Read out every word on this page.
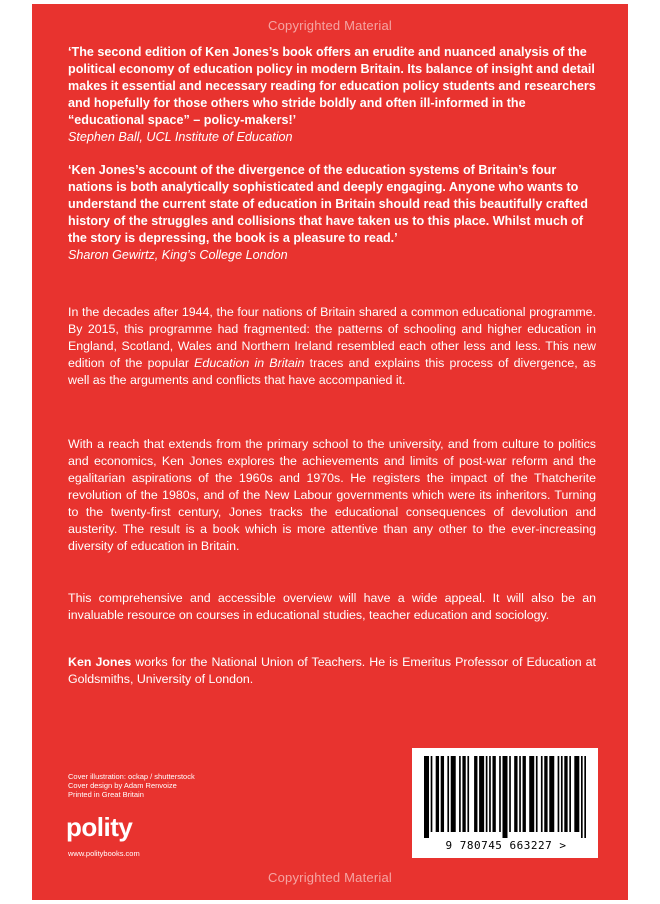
Copyrighted Material
‘The second edition of Ken Jones’s book offers an erudite and nuanced analysis of the political economy of education policy in modern Britain. Its balance of insight and detail makes it essential and necessary reading for education policy students and researchers and hopefully for those others who stride boldly and often ill-informed in the “educational space” – policy-makers!’
Stephen Ball, UCL Institute of Education
‘Ken Jones’s account of the divergence of the education systems of Britain’s four nations is both analytically sophisticated and deeply engaging. Anyone who wants to understand the current state of education in Britain should read this beautifully crafted history of the struggles and collisions that have taken us to this place. Whilst much of the story is depressing, the book is a pleasure to read.’
Sharon Gewirtz, King’s College London
In the decades after 1944, the four nations of Britain shared a common educational programme. By 2015, this programme had fragmented: the patterns of schooling and higher education in England, Scotland, Wales and Northern Ireland resembled each other less and less. This new edition of the popular Education in Britain traces and explains this process of divergence, as well as the arguments and conflicts that have accompanied it.
With a reach that extends from the primary school to the university, and from culture to politics and economics, Ken Jones explores the achievements and limits of post-war reform and the egalitarian aspirations of the 1960s and 1970s. He registers the impact of the Thatcherite revolution of the 1980s, and of the New Labour governments which were its inheritors. Turning to the twenty-first century, Jones tracks the educational consequences of devolution and austerity. The result is a book which is more attentive than any other to the ever-increasing diversity of education in Britain.
This comprehensive and accessible overview will have a wide appeal. It will also be an invaluable resource on courses in educational studies, teacher education and sociology.
Ken Jones works for the National Union of Teachers. He is Emeritus Professor of Education at Goldsmiths, University of London.
Cover illustration: ockap / shutterstock
Cover design by Adam Renvoize
Printed in Great Britain
polity
www.politybooks.com
9 780745 663227 >
Copyrighted Material
